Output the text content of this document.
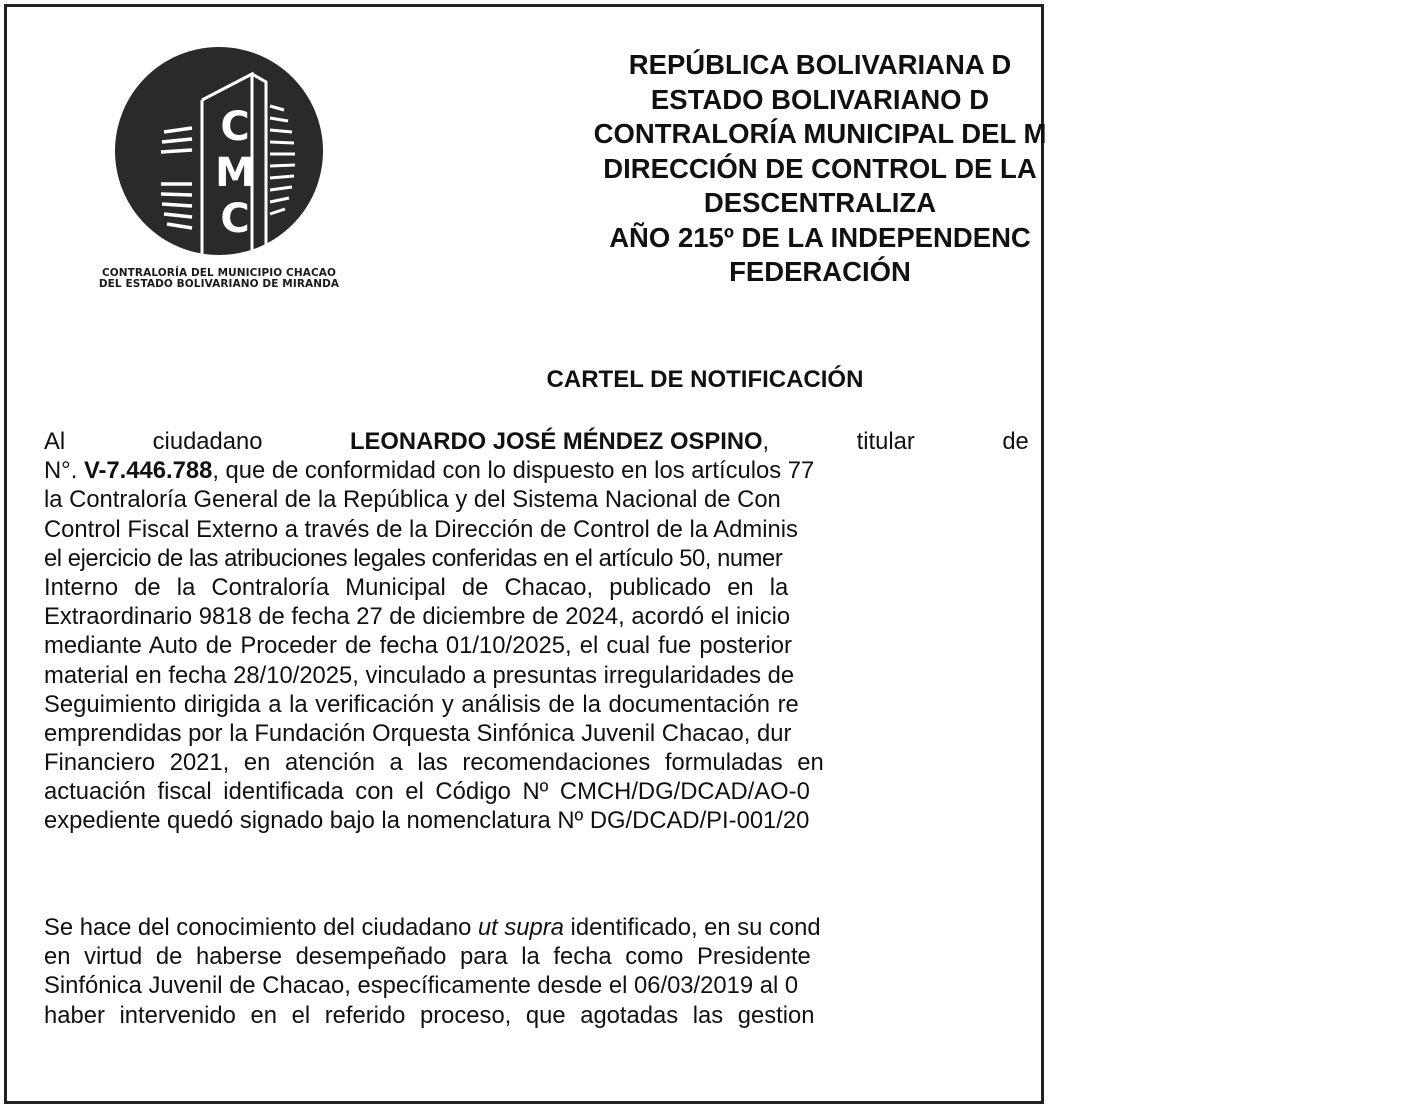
C
M
C
CONTRALORÍA DEL MUNICIPIO CHACAO
DEL ESTADO BOLIVARIANO DE MIRANDA
REPÚBLICA BOLIVARIANA D
ESTADO BOLIVARIANO D
CONTRALORÍA MUNICIPAL DEL M
DIRECCIÓN DE CONTROL DE LA
DESCENTRALIZA
AÑO 215º DE LA INDEPENDENC
FEDERACIÓN
CARTEL DE NOTIFICACIÓN
Al	ciudadano	LEONARDO JOSÉ MÉNDEZ OSPINO,	titular	de

N°. V-7.446.788, que de conformidad con lo dispuesto en los artículos 77
la Contraloría General de la República y del Sistema Nacional de Con
Control Fiscal Externo a través de la Dirección de Control de la Adminis
el ejercicio de las atribuciones legales conferidas en el artículo 50, numer
Interno de la Contraloría Municipal de Chacao, publicado en la
Extraordinario 9818 de fecha 27 de diciembre de 2024, acordó el inicio
mediante Auto de Proceder de fecha 01/10/2025, el cual fue posterior
material en fecha 28/10/2025, vinculado a presuntas irregularidades de
Seguimiento dirigida a la verificación y análisis de la documentación re
emprendidas por la Fundación Orquesta Sinfónica Juvenil Chacao, dur
Financiero 2021, en atención a las recomendaciones formuladas en
actuación fiscal identificada con el Código Nº CMCH/DG/DCAD/AO-0
expediente quedó signado bajo la nomenclatura Nº DG/DCAD/PI-001/20
Se hace del conocimiento del ciudadano ut supra identificado, en su cond
en virtud de haberse desempeñado para la fecha como Presidente
Sinfónica Juvenil de Chacao, específicamente desde el 06/03/2019 al 0
haber intervenido en el referido proceso, que agotadas las gestion
